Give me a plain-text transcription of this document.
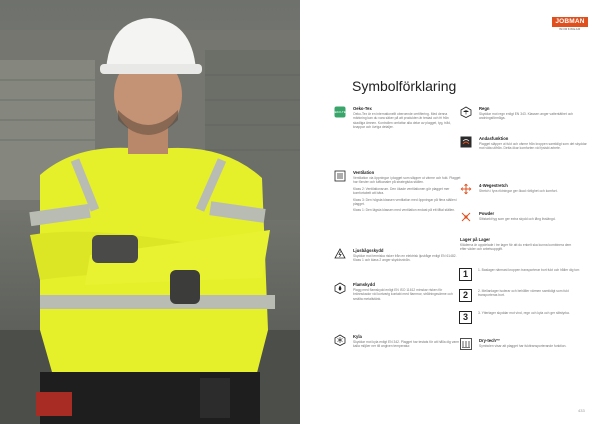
JOBMAN
WORKWEAR
Symbolförklaring
OEKO-TEX
Oeko-Tex

Oeko-Tex är en internationellt oberoende certifiering. Med denna märkning kan du vara säker på att produkten är testad och fri från skadliga ämnen. Kontrollen omfattar alla delar av plagget, tyg, tråd, knappar och övriga detaljer.

Ventilation

Ventilation via öppningar i plagget som släpper ut värme och fukt. Plagget har fönster och luftkanaler på strategiska ställen.

Klass 2: Ventilationsrum. Den ökade ventilationen gör plagget mer komfortabelt att bära.

Klass 3: Den högsta klassen ventilation med öppningar på flera ställen i plagget.

Klass 1: Den lägsta klassen med ventilation endast på ett fåtal ställen.

Ljusbågsskydd

Skyddar mot termiska risker från en elektrisk ljusbåge enligt EN 61482. Klass 1 och klass 2 anger skyddsnivån.

Flamskydd

Plagg med flamskydd enligt EN ISO 11612 minskar risken för brännskador vid kortvarig kontakt med flammor, strålningsvärme och smälta metallstänk.

Kyla

Skyddar mot kyla enligt EN 342. Plagget har testats för att hålla dig varm i kalla miljöer ner till angiven temperatur.

Regn

Skyddar mot regn enligt EN 343. Klassen anger vattentäthet och andningsförmåga.

Andasfunktion

Plagget släpper ut fukt och värme från kroppen samtidigt som det skyddar mot väta utifrån. Detta ökar komforten vid fysiskt arbete.

4-Wegestretch

Stretch i fyra riktningar ger ökad rörlighet och komfort.

Powder

Slitstarkt tyg som ger extra skydd och lång livslängd.

Lager på Lager

Kläderna är uppdelade i tre lager för att du enkelt ska kunna kombinera dem efter väder och arbetsuppgift.

1	1. Baslager närmast kroppen transporterar bort fukt och håller dig torr.
2	2. Mellanlager isolerar och behåller värmen samtidigt som fukt transporteras bort.
3	3. Ytterlager skyddar mot vind, regn och kyla och ger slitstyrka.
Dry-tech™

Symbolen visar att plagget har fukttransporterande funktion.

433
